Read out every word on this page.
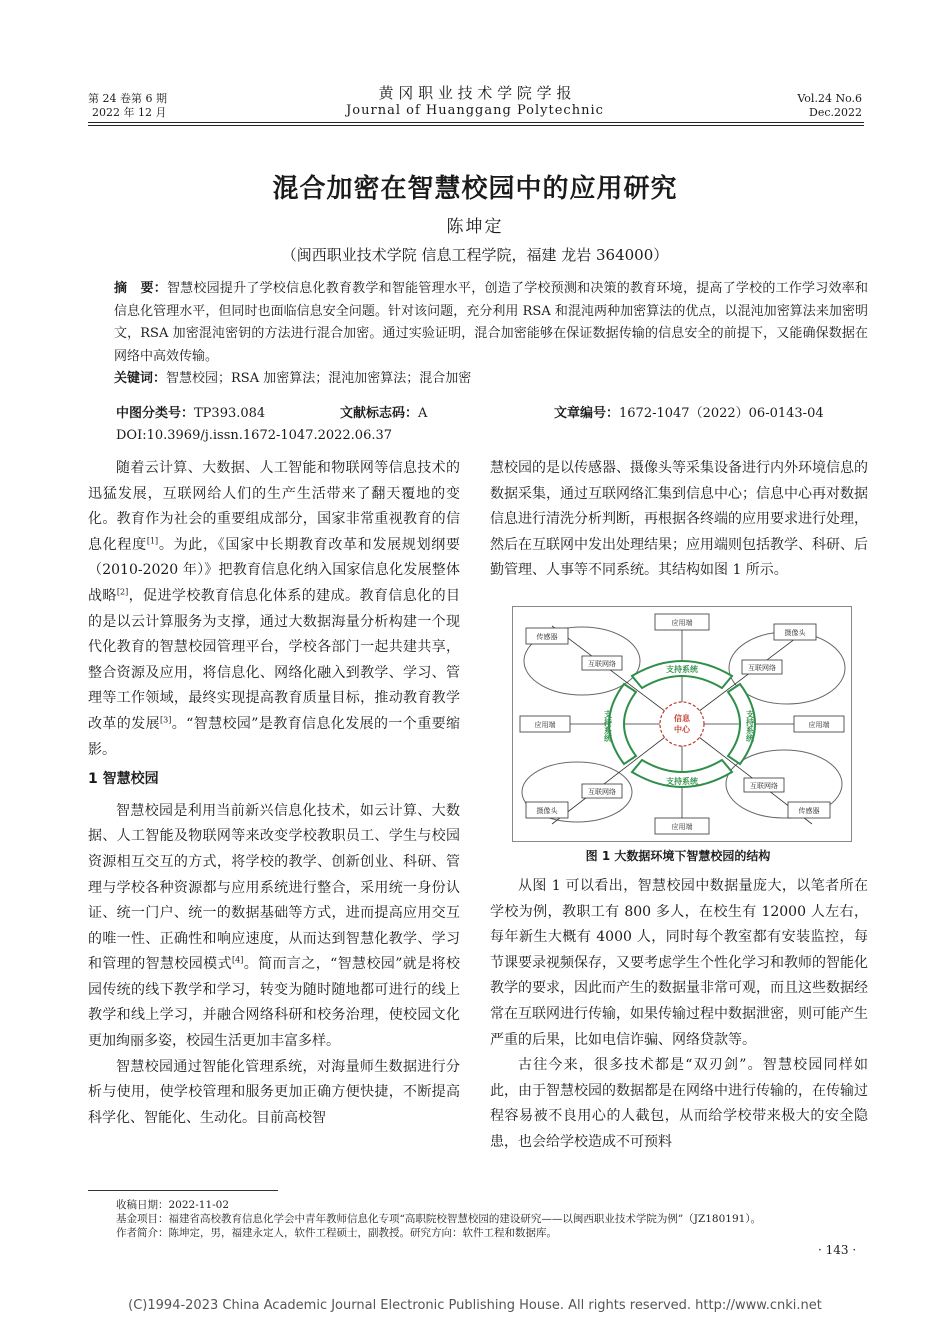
第 24 卷第 6 期
2022 年 12 月
黄 冈 职 业 技 术 学 院 学 报
Journal of Huanggang Polytechnic
Vol.24 No.6
Dec.2022
混合加密在智慧校园中的应用研究
陈坤定
（闽西职业技术学院 信息工程学院，福建 龙岩 364000）
摘　要：智慧校园提升了学校信息化教育教学和智能管理水平，创造了学校预测和决策的教育环境，提高了学校的工作学习效率和信息化管理水平，但同时也面临信息安全问题。针对该问题，充分利用 RSA 和混沌两种加密算法的优点，以混沌加密算法来加密明文，RSA 加密混沌密钥的方法进行混合加密。通过实验证明，混合加密能够在保证数据传输的信息安全的前提下，又能确保数据在网络中高效传输。
关键词：智慧校园；RSA 加密算法；混沌加密算法；混合加密
中图分类号：TP393.084	文献标志码：A	文章编号：1672-1047（2022）06-0143-04
DOI:10.3969/j.issn.1672-1047.2022.06.37

随着云计算、大数据、人工智能和物联网等信息技术的迅猛发展，互联网给人们的生产生活带来了翻天覆地的变化。教育作为社会的重要组成部分，国家非常重视教育的信息化程度[1]。为此，《国家中长期教育改革和发展规划纲要（2010-2020 年）》把教育信息化纳入国家信息化发展整体战略[2]，促进学校教育信息化体系的建成。教育信息化的目的是以云计算服务为支撑，通过大数据海量分析构建一个现代化教育的智慧校园管理平台，学校各部门一起共建共享，整合资源及应用，将信息化、网络化融入到教学、学习、管理等工作领域，最终实现提高教育质量目标，推动教育教学改革的发展[3]。“智慧校园”是教育信息化发展的一个重要缩影。

1 智慧校园

智慧校园是利用当前新兴信息化技术，如云计算、大数据、人工智能及物联网等来改变学校教职员工、学生与校园资源相互交互的方式，将学校的教学、创新创业、科研、管理与学校各种资源都与应用系统进行整合，采用统一身份认证、统一门户、统一的数据基础等方式，进而提高应用交互的唯一性、正确性和响应速度，从而达到智慧化教学、学习和管理的智慧校园模式[4]。简而言之，“智慧校园”就是将校园传统的线下教学和学习，转变为随时随地都可进行的线上教学和线上学习，并融合网络科研和校务治理，使校园文化更加绚丽多姿，校园生活更加丰富多样。

智慧校园通过智能化管理系统，对海量师生数据进行分析与使用，使学校管理和服务更加正确方便快捷，不断提高科学化、智能化、生动化。目前高校智

慧校园的是以传感器、摄像头等采集设备进行内外环境信息的数据采集，通过互联网络汇集到信息中心；信息中心再对数据信息进行清洗分析判断，再根据各终端的应用要求进行处理，然后在互联网中发出处理结果；应用端则包括教学、科研、后勤管理、人事等不同系统。其结构如图 1 所示。

支持系统
支持系统
支持系统	支持系统
信息
中心
应用端
应用端
应用端	应用端
传感器	摄像头
摄像头	传感器
互联网络	互联网络
互联网络
互联网络
图 1 大数据环境下智慧校园的结构

从图 1 可以看出，智慧校园中数据量庞大，以笔者所在学校为例，教职工有 800 多人，在校生有 12000 人左右，每年新生大概有 4000 人，同时每个教室都有安装监控，每节课要录视频保存，又要考虑学生个性化学习和教师的智能化教学的要求，因此而产生的数据量非常可观，而且这些数据经常在互联网进行传输，如果传输过程中数据泄密，则可能产生严重的后果，比如电信诈骗、网络贷款等。

古往今来，很多技术都是“双刃剑”。智慧校园同样如此，由于智慧校园的数据都是在网络中进行传输的，在传输过程容易被不良用心的人截包，从而给学校带来极大的安全隐患，也会给学校造成不可预料

收稿日期：2022-11-02
基金项目：福建省高校教育信息化学会中青年教师信息化专项“高职院校智慧校园的建设研究——以闽西职业技术学院为例”（JZ180191）。
作者简介：陈坤定，男，福建永定人，软件工程硕士，副教授。研究方向：软件工程和数据库。
· 143 ·
(C)1994-2023 China Academic Journal Electronic Publishing House. All rights reserved. http://www.cnki.net
